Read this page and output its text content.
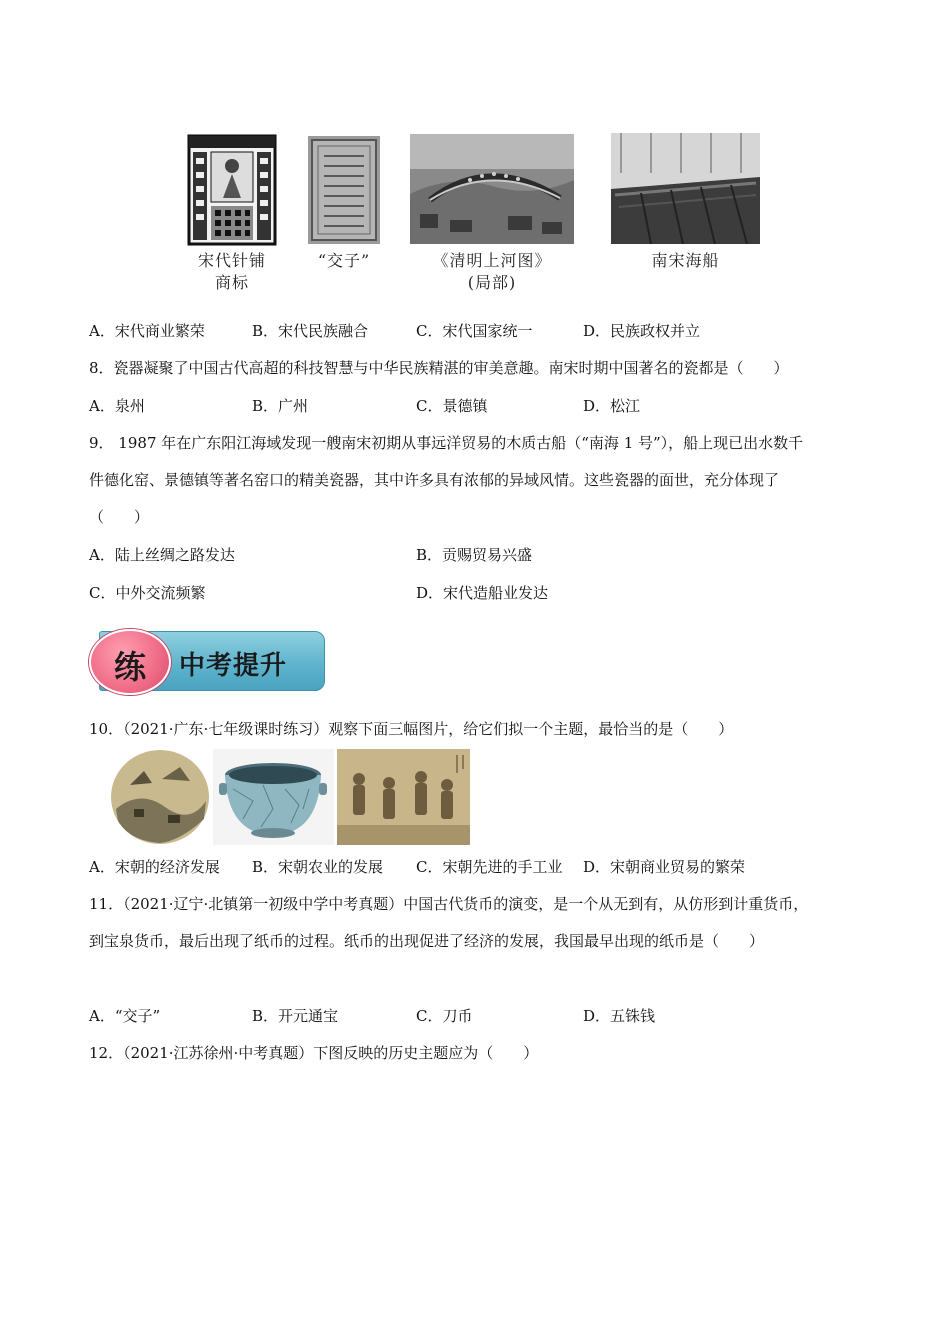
宋代针铺
商标
“交子”	《清明上河图》
(局部)
南宋海船
A．宋代商业繁荣	B．宋代民族融合	C．宋代国家统一	D．民族政权并立
8．瓷器凝聚了中国古代高超的科技智慧与中华民族精湛的审美意趣。南宋时期中国著名的瓷都是（　　）
A．泉州	B．广州	C．景德镇	D．松江
9． 1987 年在广东阳江海域发现一艘南宋初期从事远洋贸易的木质古船（“南海 1 号”），船上现已出水数千
件德化窑、景德镇等著名窑口的精美瓷器，其中许多具有浓郁的异域风情。这些瓷器的面世，充分体现了
（　　）
A．陆上丝绸之路发达	B．贡赐贸易兴盛
C．中外交流频繁	D．宋代造船业发达
练	中考提升
10．（2021·广东·七年级课时练习）观察下面三幅图片，给它们拟一个主题，最恰当的是（　　）
A．宋朝的经济发展 B．宋朝农业的发展 C．宋朝先进的手工业 D．宋朝商业贸易的繁荣
11．（2021·辽宁·北镇第一初级中学中考真题）中国古代货币的演变，是一个从无到有，从仿形到计重货币，
到宝泉货币，最后出现了纸币的过程。纸币的出现促进了经济的发展，我国最早出现的纸币是（　　）
A．“交子”	B．开元通宝	C．刀币	D．五铢钱
12．（2021·江苏徐州·中考真题）下图反映的历史主题应为（　　）
